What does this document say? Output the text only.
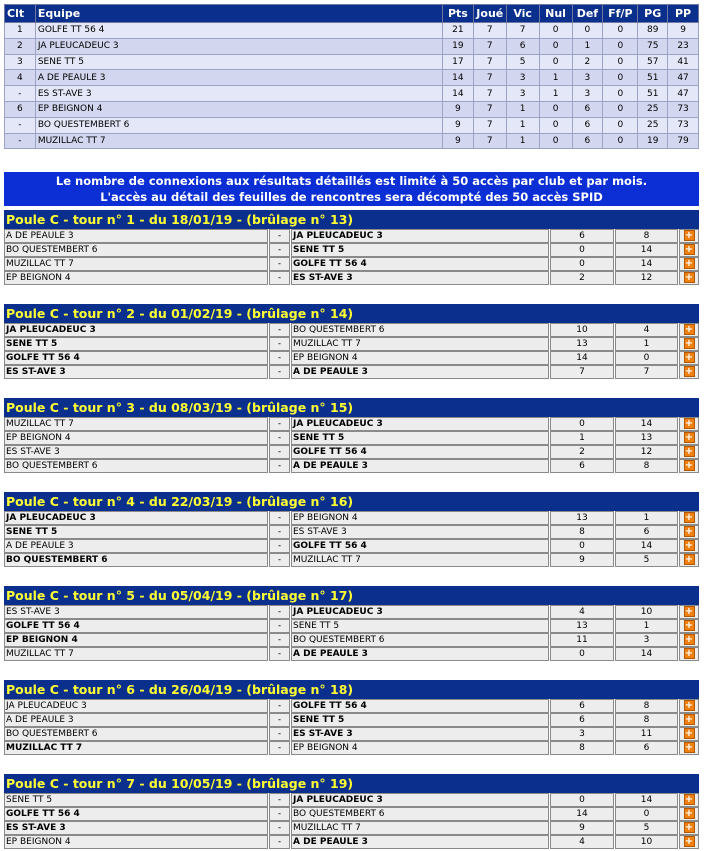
Clt	Equipe	Pts	Joué	Vic	Nul	Def	Ff/P	PG	PP
1	GOLFE TT 56 4	21	7	7	0	0	0	89	9
2	JA PLEUCADEUC 3	19	7	6	0	1	0	75	23
3	SENE TT 5	17	7	5	0	2	0	57	41
4	A DE PEAULE 3	14	7	3	1	3	0	51	47
-	ES ST-AVE 3	14	7	3	1	3	0	51	47
6	EP BEIGNON 4	9	7	1	0	6	0	25	73
-	BO QUESTEMBERT 6	9	7	1	0	6	0	25	73
-	MUZILLAC TT 7	9	7	1	0	6	0	19	79
Le nombre de connexions aux résultats détaillés est limité à 50 accès par club et par mois.
L'accès au détail des feuilles de rencontres sera décompté des 50 accès SPID
Poule C - tour n° 1 - du 18/01/19 - (brûlage n° 13)
A DE PEAULE 3	-	JA PLEUCADEUC 3	6	8	+
BO QUESTEMBERT 6	-	SENE TT 5	0	14	+
MUZILLAC TT 7	-	GOLFE TT 56 4	0	14	+
EP BEIGNON 4	-	ES ST-AVE 3	2	12	+
Poule C - tour n° 2 - du 01/02/19 - (brûlage n° 14)
JA PLEUCADEUC 3	-	BO QUESTEMBERT 6	10	4	+
SENE TT 5	-	MUZILLAC TT 7	13	1	+
GOLFE TT 56 4	-	EP BEIGNON 4	14	0	+
ES ST-AVE 3	-	A DE PEAULE 3	7	7	+
Poule C - tour n° 3 - du 08/03/19 - (brûlage n° 15)
MUZILLAC TT 7	-	JA PLEUCADEUC 3	0	14	+
EP BEIGNON 4	-	SENE TT 5	1	13	+
ES ST-AVE 3	-	GOLFE TT 56 4	2	12	+
BO QUESTEMBERT 6	-	A DE PEAULE 3	6	8	+
Poule C - tour n° 4 - du 22/03/19 - (brûlage n° 16)
JA PLEUCADEUC 3	-	EP BEIGNON 4	13	1	+
SENE TT 5	-	ES ST-AVE 3	8	6	+
A DE PEAULE 3	-	GOLFE TT 56 4	0	14	+
BO QUESTEMBERT 6	-	MUZILLAC TT 7	9	5	+
Poule C - tour n° 5 - du 05/04/19 - (brûlage n° 17)
ES ST-AVE 3	-	JA PLEUCADEUC 3	4	10	+
GOLFE TT 56 4	-	SENE TT 5	13	1	+
EP BEIGNON 4	-	BO QUESTEMBERT 6	11	3	+
MUZILLAC TT 7	-	A DE PEAULE 3	0	14	+
Poule C - tour n° 6 - du 26/04/19 - (brûlage n° 18)
JA PLEUCADEUC 3	-	GOLFE TT 56 4	6	8	+
A DE PEAULE 3	-	SENE TT 5	6	8	+
BO QUESTEMBERT 6	-	ES ST-AVE 3	3	11	+
MUZILLAC TT 7	-	EP BEIGNON 4	8	6	+
Poule C - tour n° 7 - du 10/05/19 - (brûlage n° 19)
SENE TT 5	-	JA PLEUCADEUC 3	0	14	+
GOLFE TT 56 4	-	BO QUESTEMBERT 6	14	0	+
ES ST-AVE 3	-	MUZILLAC TT 7	9	5	+
EP BEIGNON 4	-	A DE PEAULE 3	4	10	+
